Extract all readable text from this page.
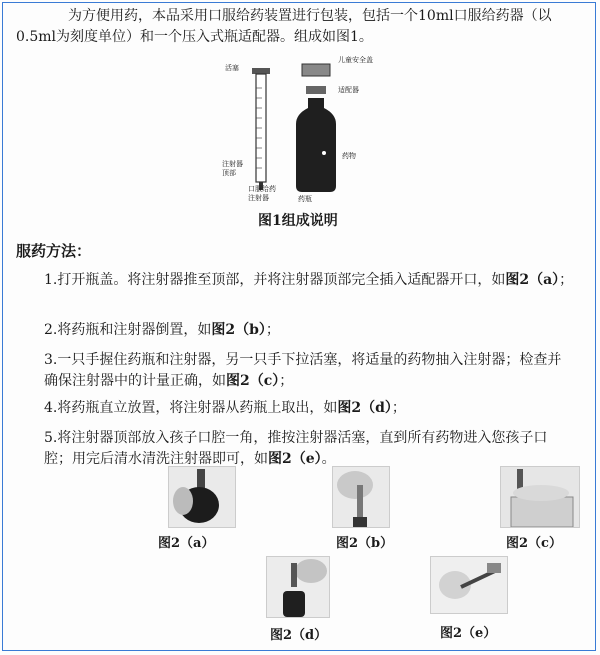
为方便用药，本品采用口服给药装置进行包装，包括一个10ml口服给药器（以0.5ml为刻度单位）和一个压入式瓶适配器。组成如图1。

活塞
注射器顶部
口服给药注射器
儿童安全盖
适配器
药物
药瓶
图1组成说明
服药方法：

1.打开瓶盖。将注射器推至顶部，并将注射器顶部完全插入适配器开口，如图2（a）；

2.将药瓶和注射器倒置，如图2（b）；

3.一只手握住药瓶和注射器，另一只手下拉活塞，将适量的药物抽入注射器；检查并确保注射器中的计量正确，如图2（c）；

4.将药瓶直立放置，将注射器从药瓶上取出，如图2（d）；

5.将注射器顶部放入孩子口腔一角，推按注射器活塞，直到所有药物进入您孩子口腔；用完后清水清洗注射器即可，如图2（e）。

图2（a）	图2（b）	图2（c）
图2（d）	图2（e）
